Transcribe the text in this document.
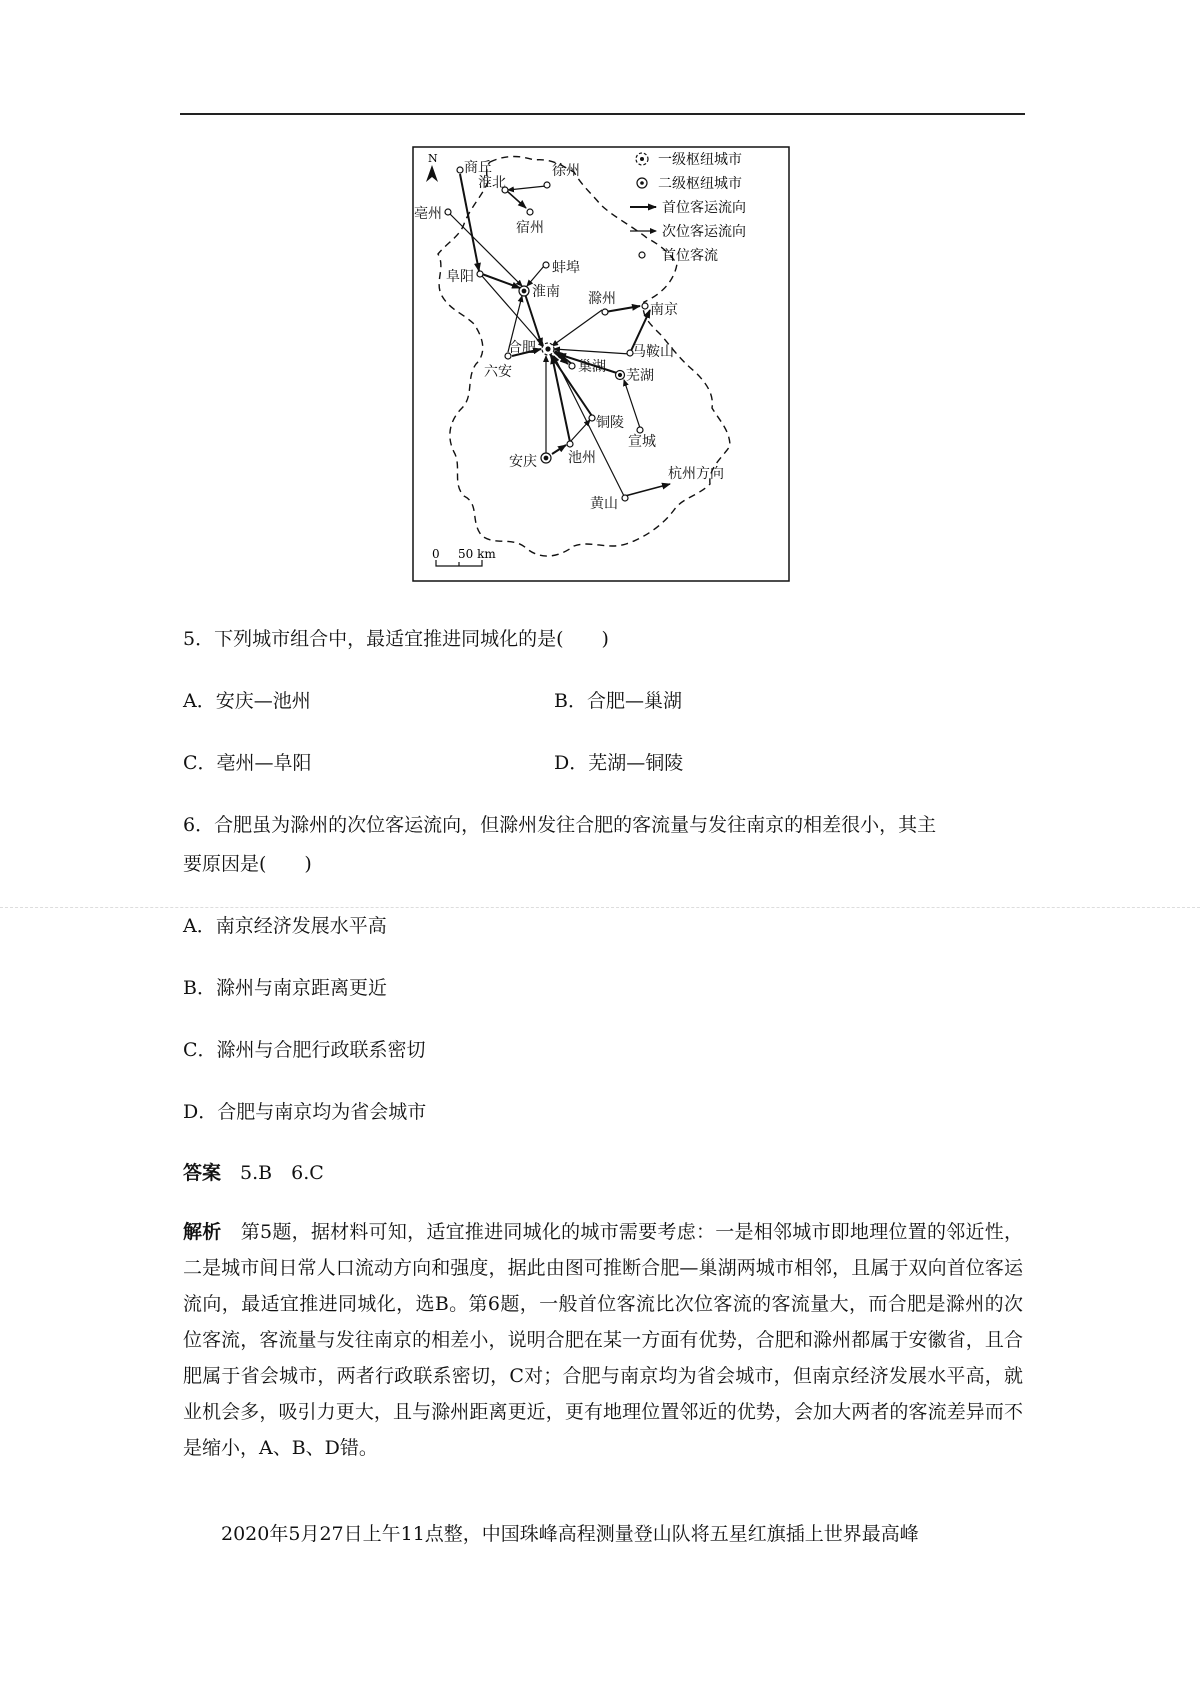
N
商丘
淮北
徐州
宿州
亳州
阜阳
蚌埠
淮南 滁州
南京
合肥
六安	巢湖
马鞍山
芜湖
铜陵
宣城
安庆 池州
黄山
杭州方向
一级枢纽城市
二级枢纽城市
首位客运流向
次位客运流向
首位客流
0 50 km
5．下列城市组合中，最适宜推进同城化的是(　　)
A．安庆—池州	B．合肥—巢湖
C．亳州—阜阳	D．芜湖—铜陵
6．合肥虽为滁州的次位客运流向，但滁州发往合肥的客流量与发往南京的相差很小，其主
要原因是(　　)
A．南京经济发展水平高
B．滁州与南京距离更近
C．滁州与合肥行政联系密切
D．合肥与南京均为省会城市
答案　 5.B　6.C
解析　 第5题，据材料可知，适宜推进同城化的城市需要考虑：一是相邻城市即地理位置的邻近性，二是城市间日常人口流动方向和强度，据此由图可推断合肥—巢湖两城市相邻，且属于双向首位客运流向，最适宜推进同城化，选B。第6题，一般首位客流比次位客流的客流量大，而合肥是滁州的次位客流，客流量与发往南京的相差小，说明合肥在某一方面有优势，合肥和滁州都属于安徽省，且合肥属于省会城市，两者行政联系密切，C对；合肥与南京均为省会城市，但南京经济发展水平高，就业机会多，吸引力更大，且与滁州距离更近，更有地理位置邻近的优势，会加大两者的客流差异而不是缩小，A、B、D错。
2020年5月27日上午11点整，中国珠峰高程测量登山队将五星红旗插上世界最高峰
